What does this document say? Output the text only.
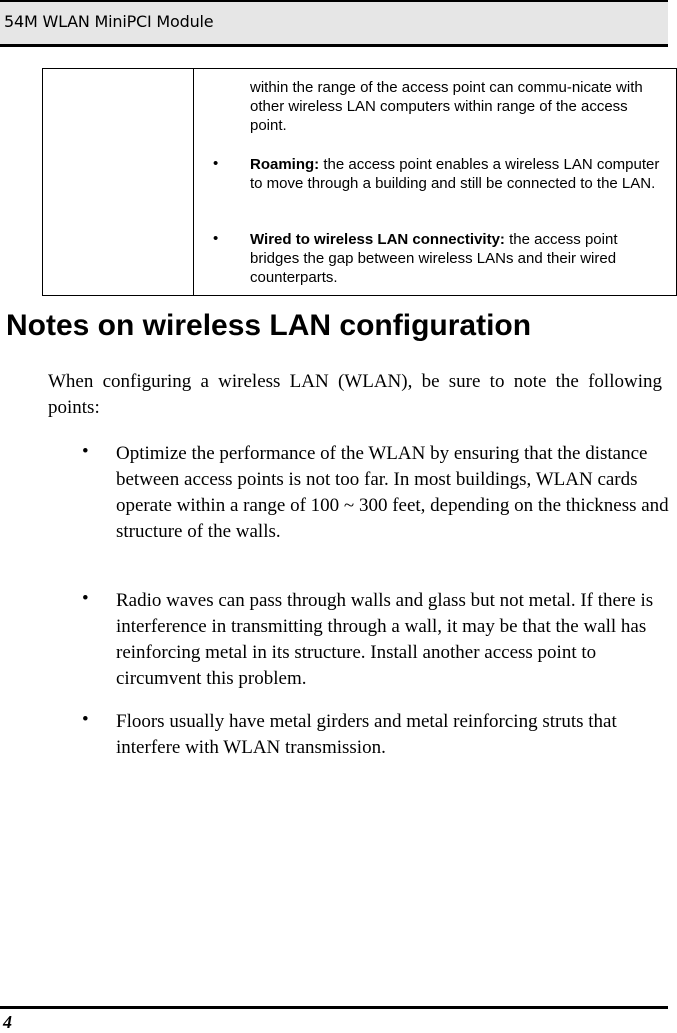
54M WLAN MiniPCI Module
within the range of the access point can commu-nicate with other wireless LAN computers within range of the access point.
• Roaming: the access point enables a wireless LAN computer to move through a building and still be connected to the LAN.
• Wired to wireless LAN connectivity: the access point bridges the gap between wireless LANs and their wired counterparts.
Notes on wireless LAN configuration
When configuring a wireless LAN (WLAN), be sure to note the following points:
• Optimize the performance of the WLAN by ensuring that the distance between access points is not too far. In most buildings, WLAN cards operate within a range of 100 ~ 300 feet, depending on the thickness and structure of the walls.
• Radio waves can pass through walls and glass but not metal. If there is interference in transmitting through a wall, it may be that the wall has reinforcing metal in its structure. Install another access point to circumvent this problem.
• Floors usually have metal girders and metal reinforcing struts that interfere with WLAN transmission.
4
